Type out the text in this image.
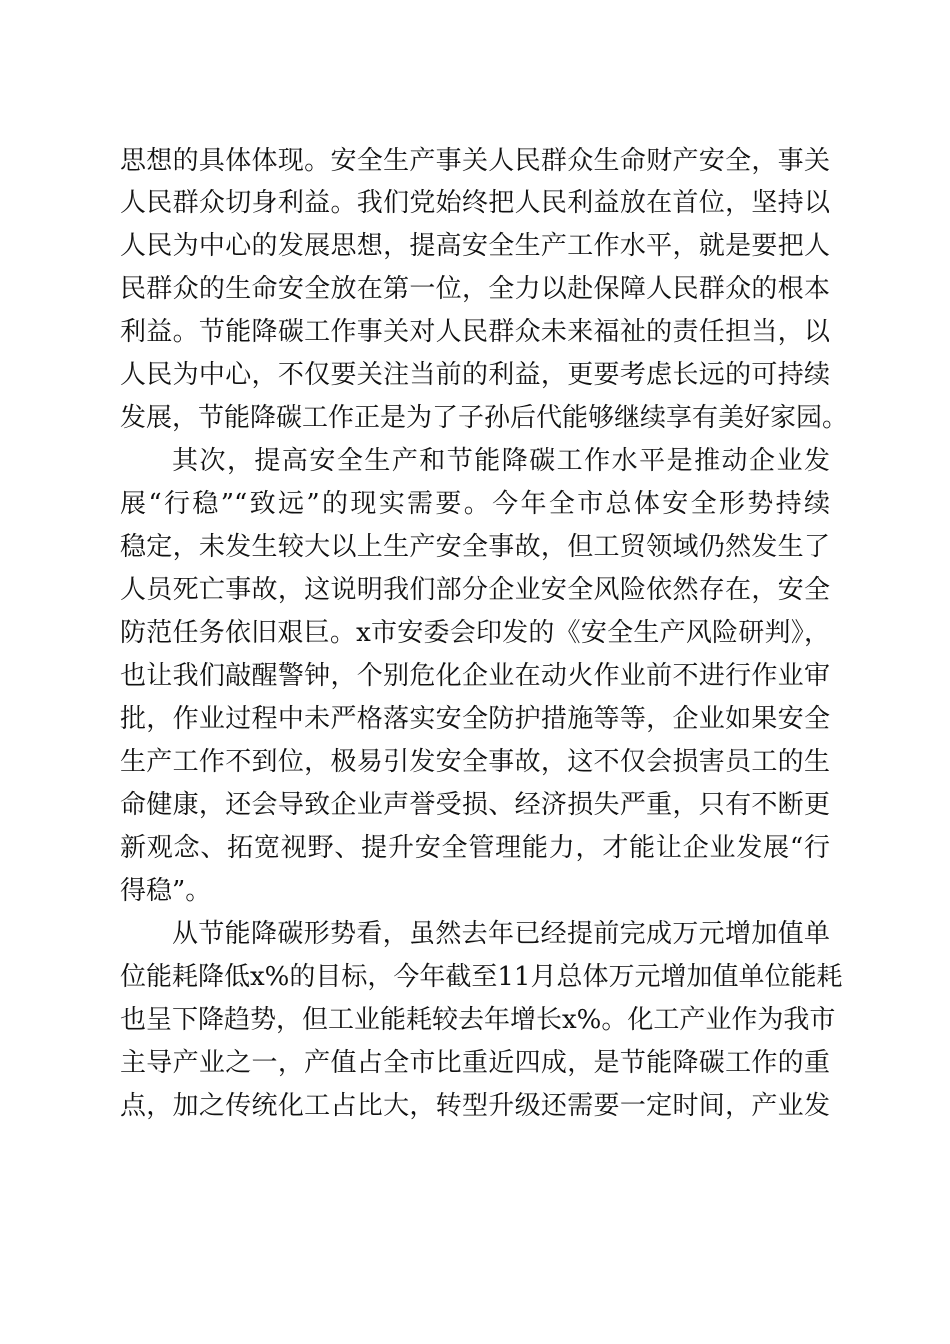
思想的具体体现。安全生产事关人民群众生命财产安全，事关
人民群众切身利益。我们党始终把人民利益放在首位，坚持以
人民为中心的发展思想，提高安全生产工作水平，就是要把人
民群众的生命安全放在第一位，全力以赴保障人民群众的根本
利益。节能降碳工作事关对人民群众未来福祉的责任担当，以
人民为中心，不仅要关注当前的利益，更要考虑长远的可持续
发展，节能降碳工作正是为了子孙后代能够继续享有美好家园。
其次，提高安全生产和节能降碳工作水平是推动企业发
展“行稳”“致远”的现实需要。今年全市总体安全形势持续
稳定，未发生较大以上生产安全事故，但工贸领域仍然发生了
人员死亡事故，这说明我们部分企业安全风险依然存在，安全
防范任务依旧艰巨。x市安委会印发的《安全生产风险研判》，
也让我们敲醒警钟，个别危化企业在动火作业前不进行作业审
批，作业过程中未严格落实安全防护措施等等，企业如果安全
生产工作不到位，极易引发安全事故，这不仅会损害员工的生
命健康，还会导致企业声誉受损、经济损失严重，只有不断更
新观念、拓宽视野、提升安全管理能力，才能让企业发展“行
得稳”。
从节能降碳形势看，虽然去年已经提前完成万元增加值单
位能耗降低x%的目标，今年截至11月总体万元增加值单位能耗
也呈下降趋势，但工业能耗较去年增长x%。化工产业作为我市
主导产业之一，产值占全市比重近四成，是节能降碳工作的重
点，加之传统化工占比大，转型升级还需要一定时间，产业发
